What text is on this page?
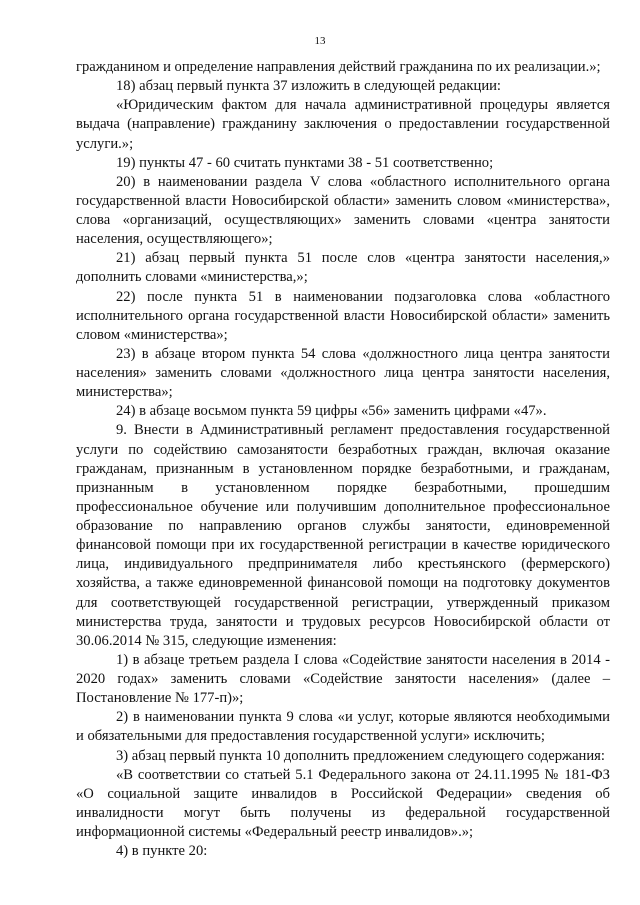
13

гражданином и определение направления действий гражданина по их реализации.»;

18) абзац первый пункта 37 изложить в следующей редакции:

«Юридическим фактом для начала административной процедуры является выдача (направление) гражданину заключения о предоставлении государственной услуги.»;

19) пункты 47 - 60 считать пунктами 38 - 51 соответственно;

20) в наименовании раздела V слова «областного исполнительного органа государственной власти Новосибирской области» заменить словом «министерства», слова «организаций, осуществляющих» заменить словами «центра занятости населения, осуществляющего»;

21) абзац первый пункта 51 после слов «центра занятости населения,» дополнить словами «министерства,»;

22) после пункта 51 в наименовании подзаголовка слова «областного исполнительного органа государственной власти Новосибирской области» заменить словом «министерства»;

23) в абзаце втором пункта 54 слова «должностного лица центра занятости населения» заменить словами «должностного лица центра занятости населения, министерства»;

24) в абзаце восьмом пункта 59 цифры «56» заменить цифрами «47».

9. Внести в Административный регламент предоставления государственной услуги по содействию самозанятости безработных граждан, включая оказание гражданам, признанным в установленном порядке безработными, и гражданам, признанным в установленном порядке безработными, прошедшим профессиональное обучение или получившим дополнительное профессиональное образование по направлению органов службы занятости, единовременной финансовой помощи при их государственной регистрации в качестве юридического лица, индивидуального предпринимателя либо крестьянского (фермерского) хозяйства, а также единовременной финансовой помощи на подготовку документов для соответствующей государственной регистрации, утвержденный приказом министерства труда, занятости и трудовых ресурсов Новосибирской области от 30.06.2014 № 315, следующие изменения:

1) в абзаце третьем раздела I слова «Содействие занятости населения в 2014 - 2020 годах» заменить словами «Содействие занятости населения» (далее – Постановление № 177-п)»;

2) в наименовании пункта 9 слова «и услуг, которые являются необходимыми и обязательными для предоставления государственной услуги» исключить;

3) абзац первый пункта 10 дополнить предложением следующего содержания:

«В соответствии со статьей 5.1 Федерального закона от 24.11.1995 № 181-ФЗ «О социальной защите инвалидов в Российской Федерации» сведения об инвалидности могут быть получены из федеральной государственной информационной системы «Федеральный реестр инвалидов».»;

4) в пункте 20:
